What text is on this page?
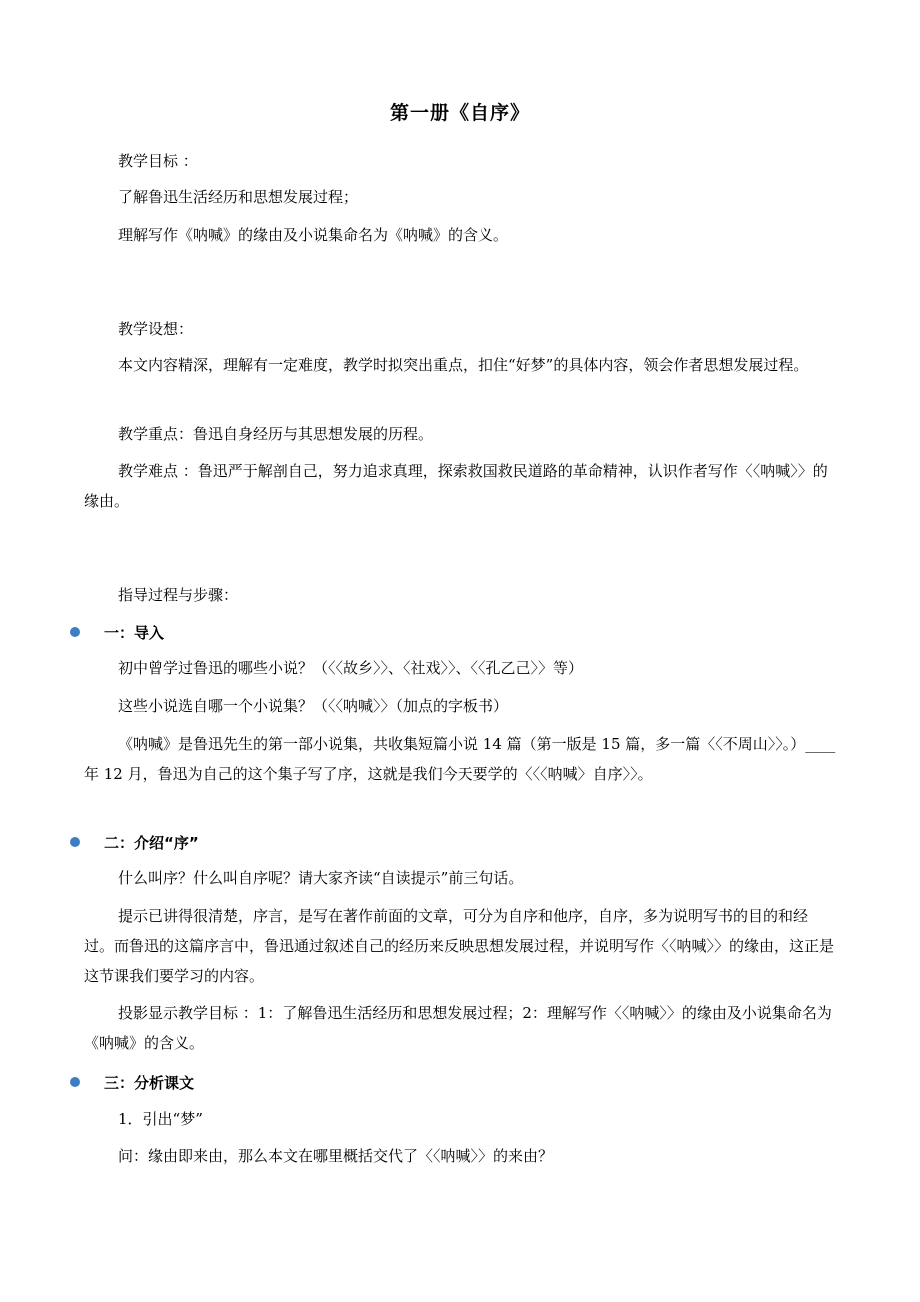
第一册《自序》
教学目标 ：
了解鲁迅生活经历和思想发展过程；
理解写作《呐喊》的缘由及小说集命名为《呐喊》的含义。
教学设想：
本文内容精深，理解有一定难度，教学时拟突出重点，扣住“好梦”的具体内容，领会作者思想发展过程。
教学重点：鲁迅自身经历与其思想发展的历程。
教学难点 ：鲁迅严于解剖自己，努力追求真理，探索救国救民道路的革命精神，认识作者写作〈〈呐喊〉〉的缘由。
指导过程与步骤：
一：导入
初中曾学过鲁迅的哪些小说？（〈〈故乡〉〉、〈社戏〉〉、〈〈孔乙己〉〉等）
这些小说选自哪一个小说集？（〈〈呐喊〉〉（加点的字板书）
《呐喊》是鲁迅先生的第一部小说集，共收集短篇小说 14 篇（第一版是 15 篇，多一篇〈〈不周山〉〉。）____年 12 月，鲁迅为自己的这个集子写了序，这就是我们今天要学的〈〈〈呐喊〉自序〉〉。
二：介绍“序”
什么叫序？什么叫自序呢？请大家齐读“自读提示”前三句话。
提示已讲得很清楚，序言，是写在著作前面的文章，可分为自序和他序，自序，多为说明写书的目的和经过。而鲁迅的这篇序言中，鲁迅通过叙述自己的经历来反映思想发展过程，并说明写作〈〈呐喊〉〉的缘由，这正是这节课我们要学习的内容。
投影显示教学目标 ：1：了解鲁迅生活经历和思想发展过程；2：理解写作〈〈呐喊〉〉的缘由及小说集命名为《呐喊》的含义。
三：分析课文
1．引出“梦”
问：缘由即来由，那么本文在哪里概括交代了〈〈呐喊〉〉的来由？
